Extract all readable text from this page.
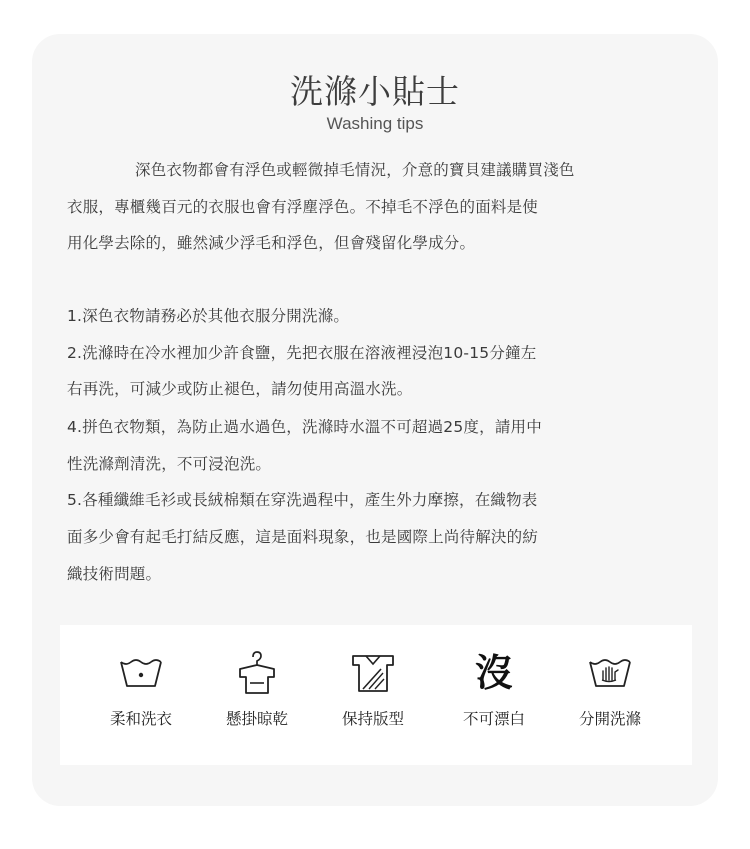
洗滌小貼士
Washing tips
深色衣物都會有浮色或輕微掉毛情況，介意的寶貝建議購買淺色
衣服，專櫃幾百元的衣服也會有浮塵浮色。不掉毛不浮色的面料是使
用化學去除的，雖然減少浮毛和浮色，但會殘留化學成分。
1.深色衣物請務必於其他衣服分開洗滌。
2.洗滌時在冷水裡加少許食鹽，先把衣服在溶液裡浸泡10-15分鐘左
右再洗，可減少或防止褪色，請勿使用高溫水洗。
4.拼色衣物類，為防止過水過色，洗滌時水溫不可超過25度，請用中
性洗滌劑清洗，不可浸泡洗。
5.各種纖維毛衫或長絨棉類在穿洗過程中，產生外力摩擦，在織物表
面多少會有起毛打結反應，這是面料現象，也是國際上尚待解決的紡
織技術問題。
柔和洗衣	懸掛晾乾	保持版型
沒
不可漂白	分開洗滌
